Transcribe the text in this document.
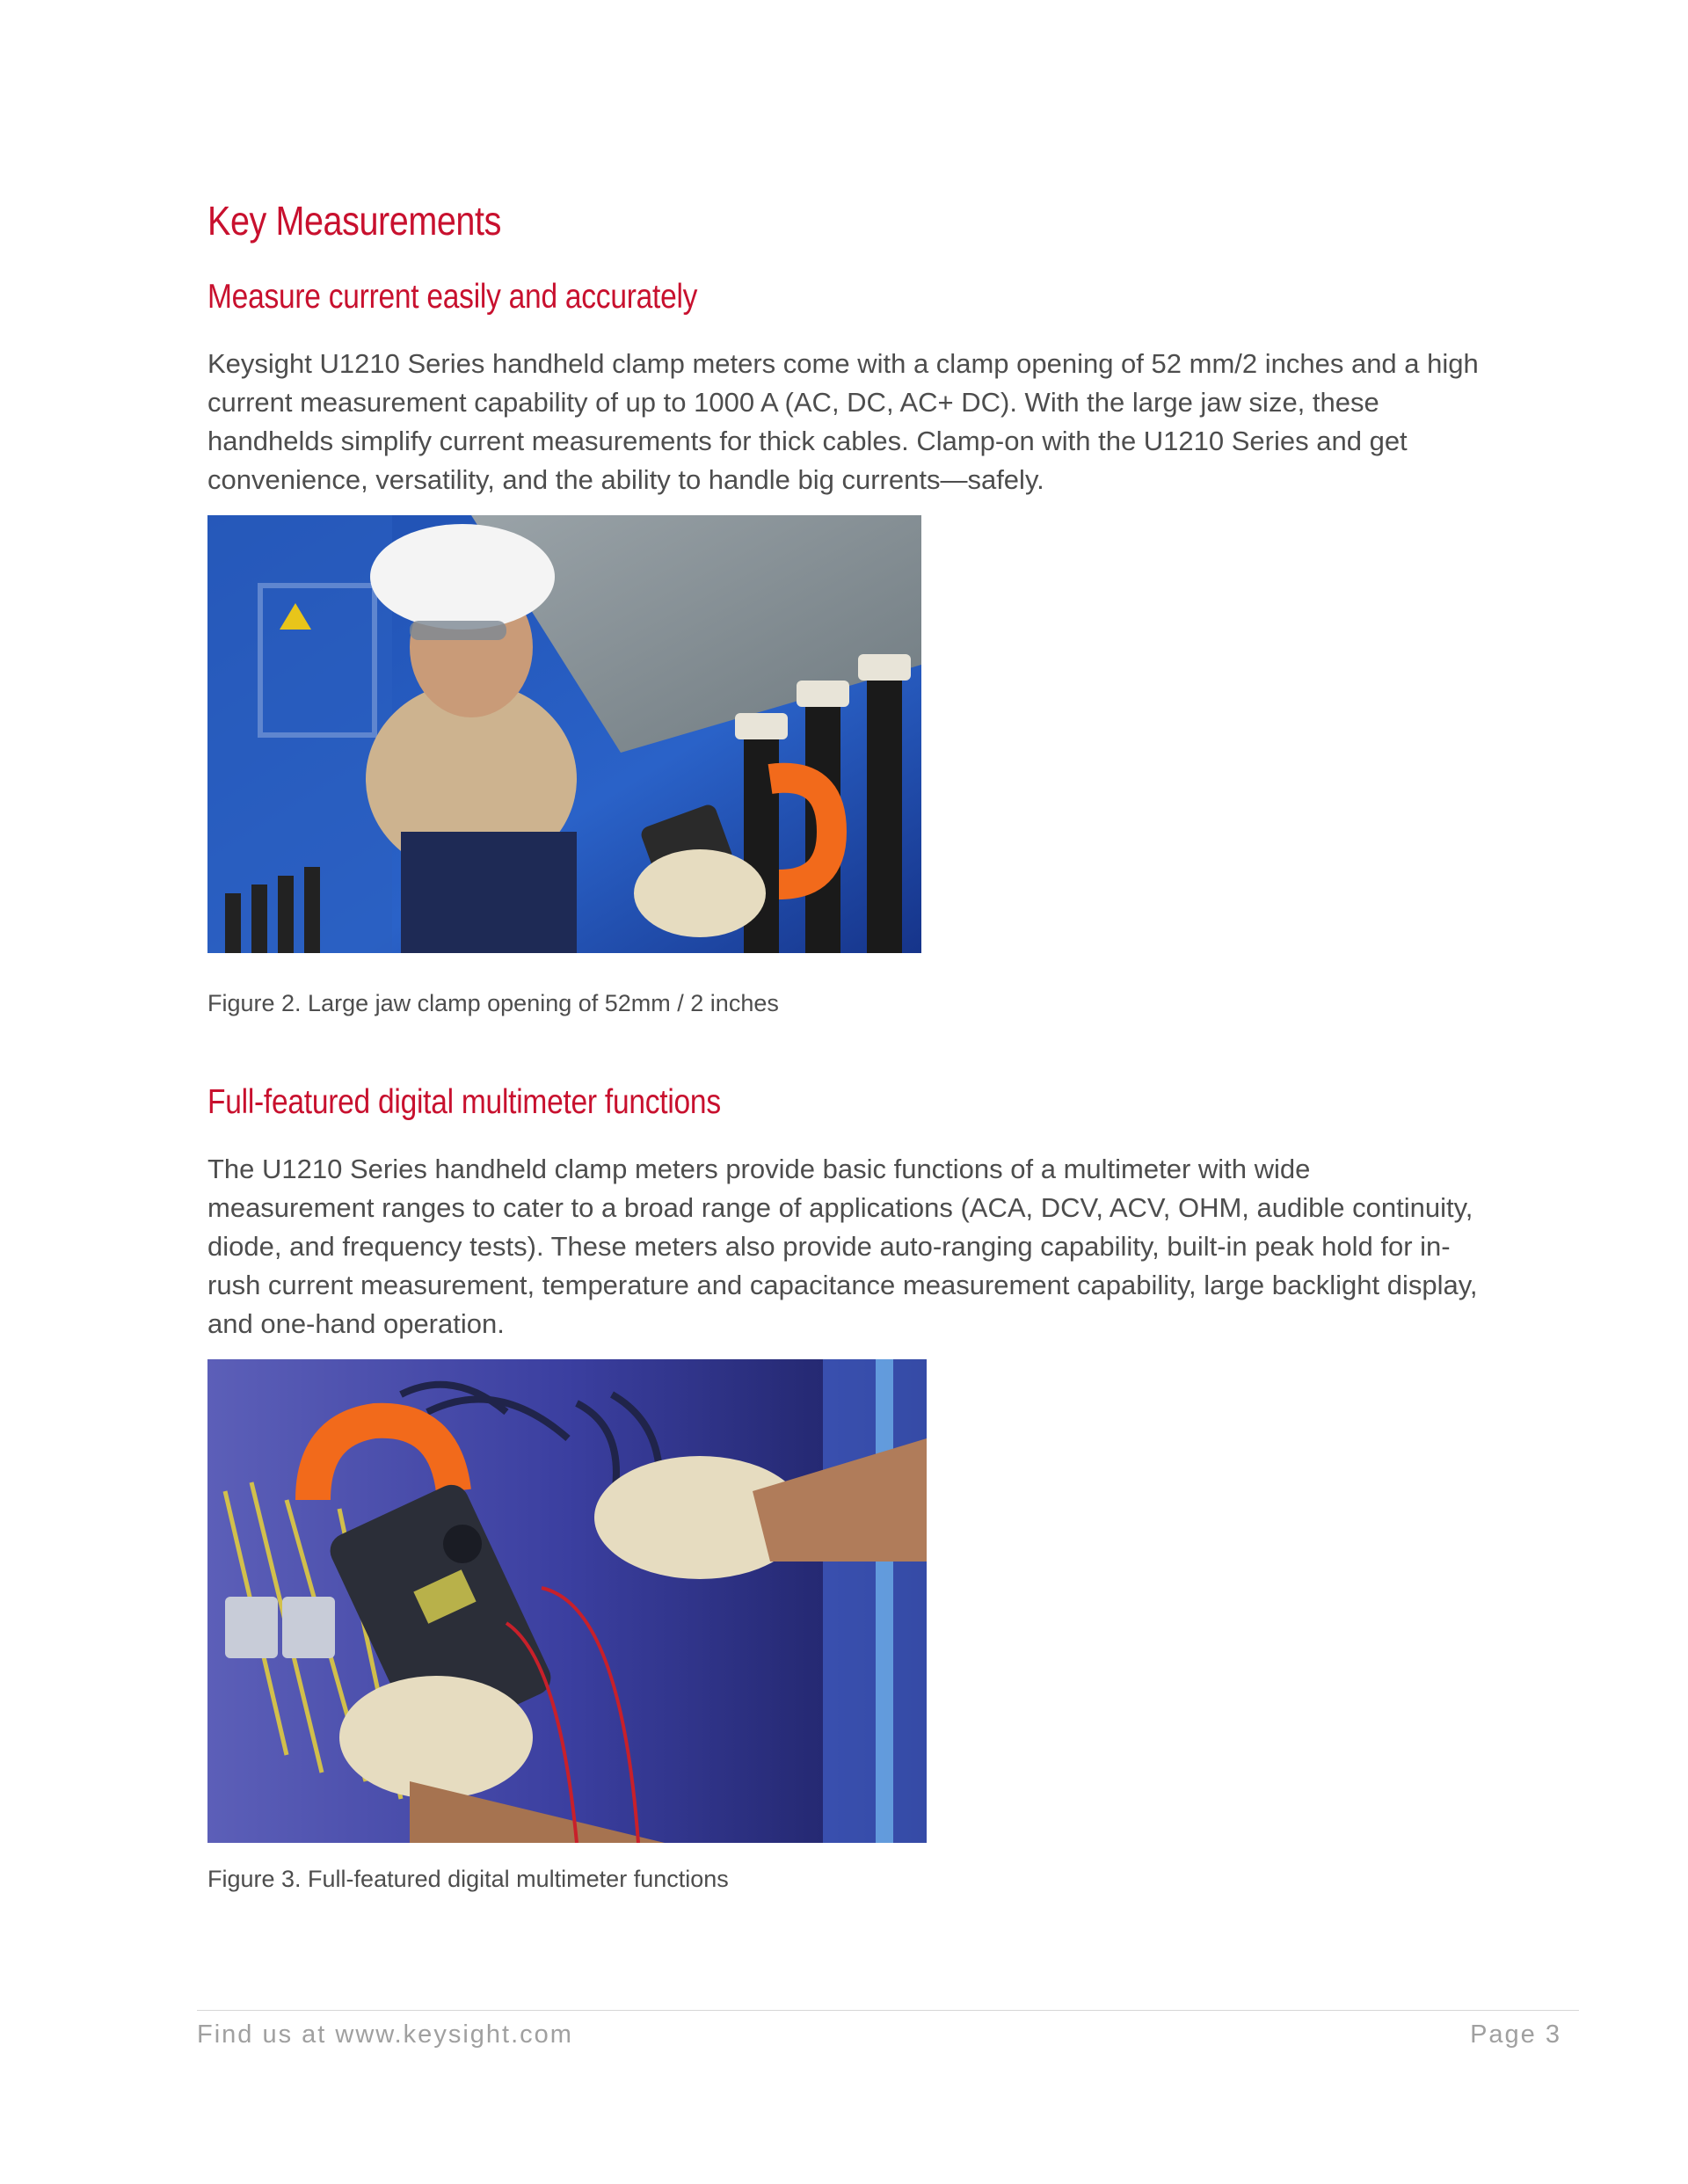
Key Measurements
Measure current easily and accurately

Keysight U1210 Series handheld clamp meters come with a clamp opening of 52 mm/2 inches and a high current measurement capability of up to 1000 A (AC, DC, AC+ DC). With the large jaw size, these handhelds simplify current measurements for thick cables. Clamp-on with the U1210 Series and get convenience, versatility, and the ability to handle big currents—safely.

Figure 2. Large jaw clamp opening of 52mm / 2 inches

Full-featured digital multimeter functions

The U1210 Series handheld clamp meters provide basic functions of a multimeter with wide measurement ranges to cater to a broad range of applications (ACA, DCV, ACV, OHM, audible continuity, diode, and frequency tests). These meters also provide auto-ranging capability, built-in peak hold for in-rush current measurement, temperature and capacitance measurement capability, large backlight display, and one-hand operation.

Figure 3. Full-featured digital multimeter functions

Find us at www.keysight.com	Page 3
